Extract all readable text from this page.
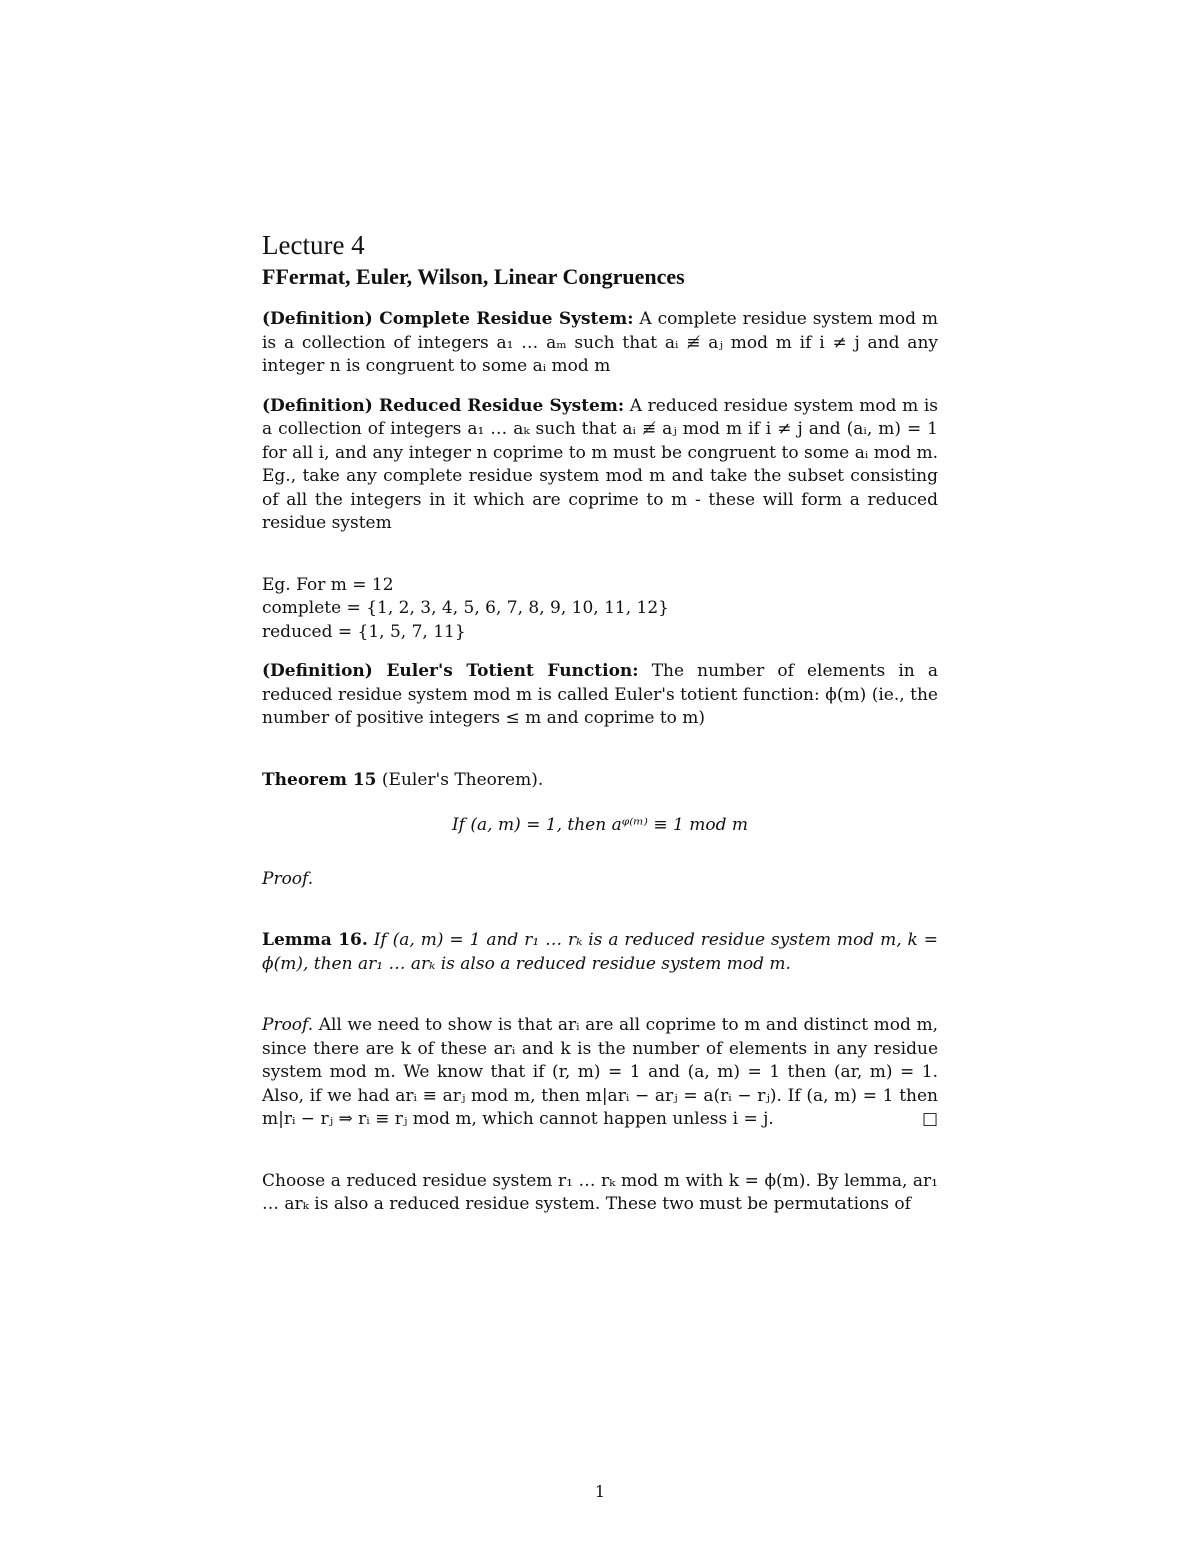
Lecture 4
FFermat, Euler, Wilson, Linear Congruences

(Definition) Complete Residue System: A complete residue system mod m is a collection of integers a₁ … aₘ such that aᵢ ≢ aⱼ mod m if i ≠ j and any integer n is congruent to some aᵢ mod m

(Definition) Reduced Residue System: A reduced residue system mod m is a collection of integers a₁ … aₖ such that aᵢ ≢ aⱼ mod m if i ≠ j and (aᵢ, m) = 1 for all i, and any integer n coprime to m must be congruent to some aᵢ mod m. Eg., take any complete residue system mod m and take the subset consisting of all the integers in it which are coprime to m - these will form a reduced residue system

Eg. For m = 12
complete = {1, 2, 3, 4, 5, 6, 7, 8, 9, 10, 11, 12}
reduced = {1, 5, 7, 11}

(Definition) Euler's Totient Function: The number of elements in a reduced residue system mod m is called Euler's totient function: ϕ(m) (ie., the number of positive integers ≤ m and coprime to m)

Theorem 15 (Euler's Theorem).
If (a, m) = 1, then aᵠ⁽ᵐ⁾ ≡ 1 mod m
Proof.

Lemma 16. If (a, m) = 1 and r₁ … rₖ is a reduced residue system mod m, k = ϕ(m), then ar₁ … arₖ is also a reduced residue system mod m.

Proof. All we need to show is that arᵢ are all coprime to m and distinct mod m, since there are k of these arᵢ and k is the number of elements in any residue system mod m. We know that if (r, m) = 1 and (a, m) = 1 then (ar, m) = 1. Also, if we had arᵢ ≡ arⱼ mod m, then m|arᵢ − arⱼ = a(rᵢ − rⱼ). If (a, m) = 1 then m|rᵢ − rⱼ ⇒ rᵢ ≡ rⱼ mod m, which cannot happen unless i = j.	□

Choose a reduced residue system r₁ … rₖ mod m with k = ϕ(m). By lemma, ar₁ … arₖ is also a reduced residue system. These two must be permutations of

1
